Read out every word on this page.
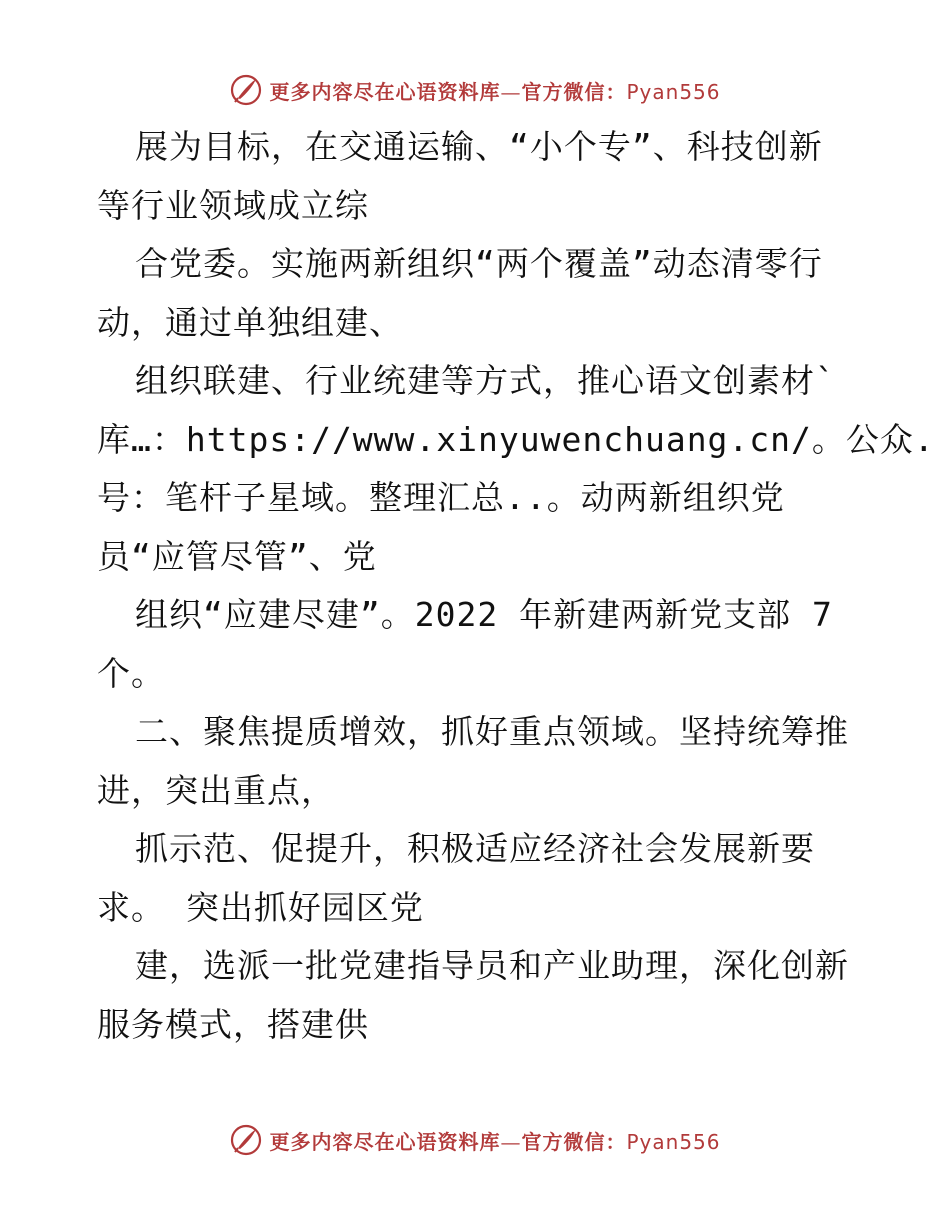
更多内容尽在心语资料库—官方微信：Pyan556
展为目标，在交通运输、“小个专”、科技创新
等行业领域成立综
合党委。实施两新组织“两个覆盖”动态清零行
动，通过单独组建、
组织联建、行业统建等方式，推心语文创素材`
库…：https://www.xinyuwenchuang.cn/。公众.
号：笔杆子星域。整理汇总..。动两新组织党
员“应管尽管”、党
组织“应建尽建”。2022 年新建两新党支部 7
个。
二、聚焦提质增效，抓好重点领域。坚持统筹推
进，突出重点，
抓示范、促提升，积极适应经济社会发展新要
求。 突出抓好园区党
建，选派一批党建指导员和产业助理，深化创新
服务模式，搭建供
更多内容尽在心语资料库—官方微信：Pyan556
